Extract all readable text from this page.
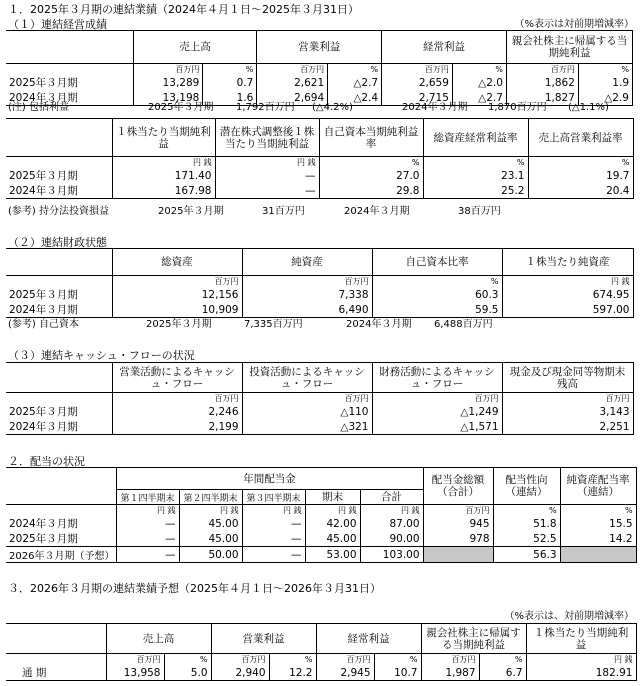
１．2025年３月期の連結業績（2024年４月１日～2025年３月31日）
（１）連結経営成績	（%表示は対前期増減率）
	売上高		営業利益		経常利益		親会社株主に帰属する当期純利益	
	百万円	%	百万円	%	百万円	%	百万円	%
2025年３月期	13,289	0.7	2,621	△2.7	2,659	△2.0	1,862	1.9
2024年３月期	13,198	1.6	2,694	△2.4	2,715	△2.7	1,827	△2.9
(注) 包括利益	2025年３月期 1,792百万円 (△4.2%)	2024年３月期 1,870百万円 (△1.1%)
	１株当たり当期純利益	潜在株式調整後１株当たり当期純利益	自己資本当期純利益率	総資産経常利益率	売上高営業利益率
	円 銭	円 銭	%	%	%
2025年３月期	171.40	—	27.0	23.1	19.7
2024年３月期	167.98	—	29.8	25.2	20.4
(参考) 持分法投資損益	2025年３月期	31百万円	2024年３月期	38百万円
（２）連結財政状態
	総資産	純資産	自己資本比率	１株当たり純資産
	百万円	百万円	%	円 銭
2025年３月期	12,156	7,338	60.3	674.95
2024年３月期	10,909	6,490	59.5	597.00
(参考) 自己資本	2025年３月期	7,335百万円	2024年３月期 6,488百万円
（３）連結キャッシュ・フローの状況
	営業活動によるキャッシュ・フロー	投資活動によるキャッシュ・フロー	財務活動によるキャッシュ・フロー	現金及び現金同等物期末残高
	百万円	百万円	百万円	百万円
2025年３月期	2,246	△110	△1,249	3,143
2024年３月期	2,199	△321	△1,571	2,251
２．配当の状況
	年間配当金					配当金総額（合計）	配当性向（連結）	純資産配当率（連結）
	第１四半期末	第２四半期末	第３四半期末	期末	合計			
	円 銭	円 銭	円 銭	円 銭	円 銭	百万円	%	%
2024年３月期	—	45.00	—	42.00	87.00	945	51.8	15.5
2025年３月期	—	45.00	—	45.00	90.00	978	52.5	14.2
2026年３月期（予想）	—	50.00	—	53.00	103.00		56.3	
３．2026年３月期の連結業績予想（2025年４月１日～2026年３月31日）
（%表示は、対前期増減率）
	売上高		営業利益		経常利益		親会社株主に帰属する当期純利益		１株当たり当期純利益
	百万円	%	百万円	%	百万円	%	百万円	%	円 銭
通 期	13,958	5.0	2,940	12.2	2,945	10.7	1,987	6.7	182.91
